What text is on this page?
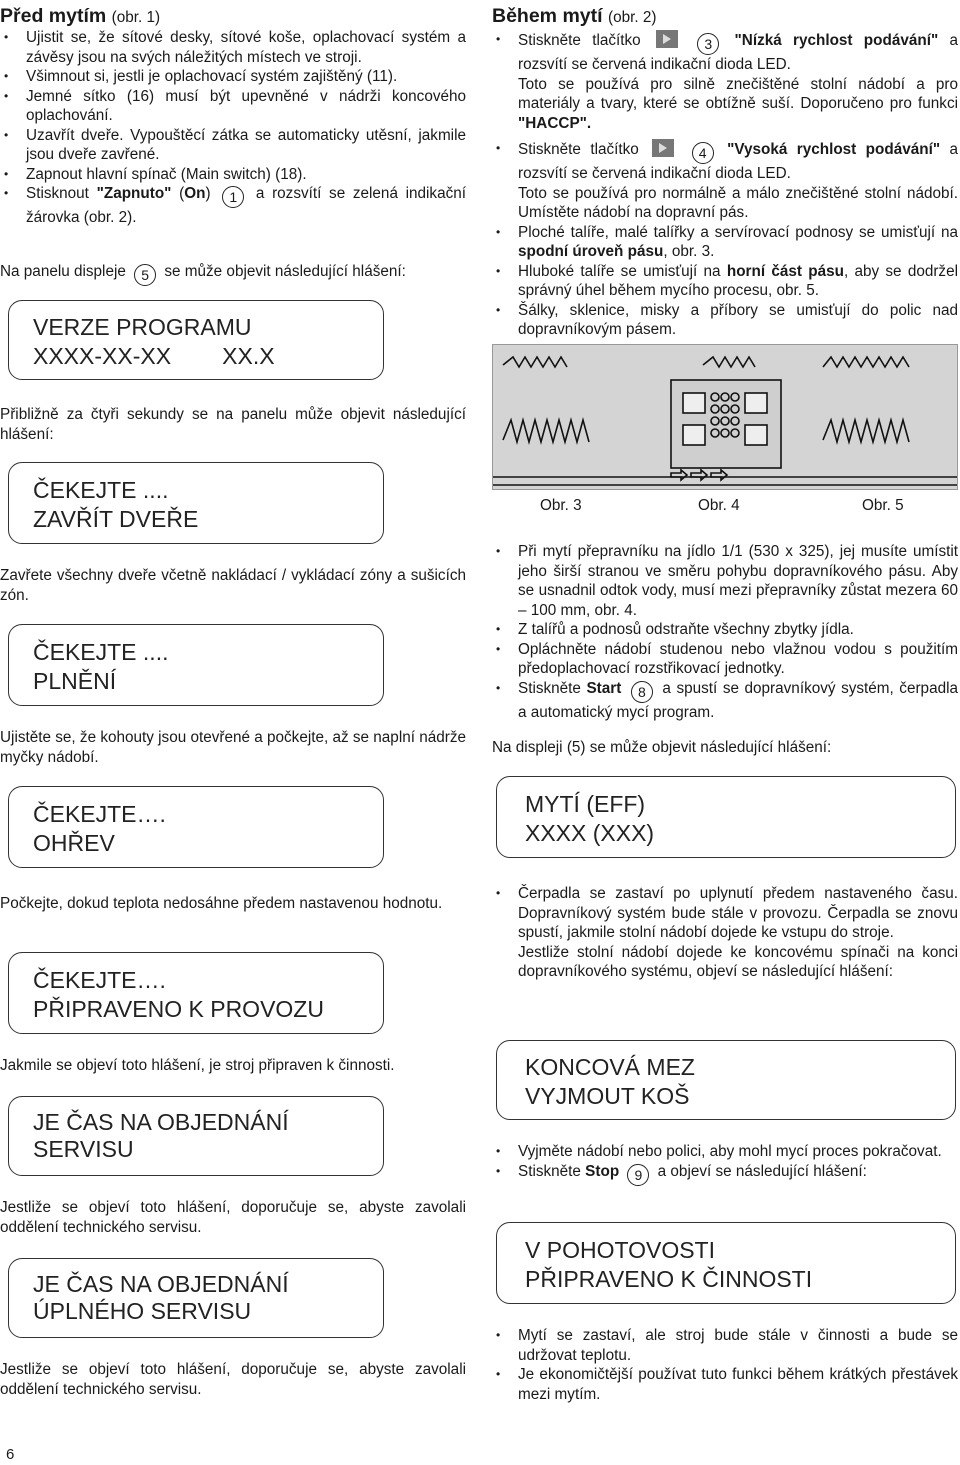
Před mytím (obr. 1)
• Ujistit se, že sítové desky, sítové koše, oplachovací systém a závěsy jsou na svých náležitých místech ve stroji.
• Všimnout si, jestli je oplachovací systém zajištěný (11).
• Jemné sítko (16) musí být upevněné v nádrži koncového oplachování.
• Uzavřít dveře. Vypouštěcí zátka se automaticky utěsní, jakmile jsou dveře zavřené.
• Zapnout hlavní spínač (Main switch) (18).
• Stisknout "Zapnuto" (On) 1 a rozsvítí se zelená indikační žárovka (obr. 2).

Na panelu displeje 5 se může objevit následující hlášení:

VERZE PROGRAMU
XXXX-XX-XX        XX.X

Přibližně za čtyři sekundy se na panelu může objevit následující hlášení:

ČEKEJTE ....
ZAVŘÍT DVEŘE

Zavřete všechny dveře včetně nakládací / vykládací zóny a sušicích zón.

ČEKEJTE ....
PLNĚNÍ

Ujistěte se, že kohouty jsou otevřené a počkejte, až se naplní nádrže myčky nádobí.

ČEKEJTE….
OHŘEV

Počkejte, dokud teplota nedosáhne předem nastavenou hodnotu.

ČEKEJTE….
PŘIPRAVENO K PROVOZU

Jakmile se objeví toto hlášení, je stroj připraven k činnosti.

JE ČAS NA OBJEDNÁNÍ
SERVISU

Jestliže se objeví toto hlášení, doporučuje se, abyste zavolali oddělení technického servisu.

JE ČAS NA OBJEDNÁNÍ
ÚPLNÉHO SERVISU

Jestliže se objeví toto hlášení, doporučuje se, abyste zavolali oddělení technického servisu.

Během mytí (obr. 2)
• Stiskněte tlačítko	3 "Nízká rychlost podávání" a rozsvítí se červená indikační dioda LED.
Toto se používá pro silně znečištěné stolní nádobí a pro materiály a tvary, které se obtížně suší. Doporučeno pro funkci "HACCP".
• Stiskněte tlačítko	4 "Vysoká rychlost podávání" a rozsvítí se červená indikační dioda LED.
Toto se používá pro normálně a málo znečištěné stolní nádobí. Umístěte nádobí na dopravní pás.
• Ploché talíře, malé talířky a servírovací podnosy se umisťují na spodní úroveň pásu, obr. 3.
• Hluboké talíře se umisťují na horní část pásu, aby se dodržel správný úhel během mycího procesu, obr. 5.
• Šálky, sklenice, misky a příbory se umisťují do polic nad dopravníkovým pásem.
Obr. 3	Obr. 4	Obr. 5
• Při mytí přepravníku na jídlo 1/1 (530 x 325), jej musíte umístit jeho širší stranou ve směru pohybu dopravníkového pásu. Aby se usnadnil odtok vody, musí mezi přepravníky zůstat mezera 60 – 100 mm, obr. 4.
• Z talířů a podnosů odstraňte všechny zbytky jídla.
• Opláchněte nádobí studenou nebo vlažnou vodou s použitím předoplachovací rozstřikovací jednotky.
• Stiskněte Start 8 a spustí se dopravníkový systém, čerpadla a automatický mycí program.

Na displeji (5) se může objevit následující hlášení:

MYTÍ (EFF)
XXXX (XXX)
• Čerpadla se zastaví po uplynutí předem nastaveného času. Dopravníkový systém bude stále v provozu. Čerpadla se znovu spustí, jakmile stolní nádobí dojede ke vstupu do stroje.
Jestliže stolní nádobí dojede ke koncovému spínači na konci dopravníkového systému, objeví se následující hlášení:
KONCOVÁ MEZ
VYJMOUT KOŠ
• Vyjměte nádobí nebo polici, aby mohl mycí proces pokračovat.
• Stiskněte Stop 9 a objeví se následující hlášení:
V POHOTOVOSTI
PŘIPRAVENO K ČINNOSTI
• Mytí se zastaví, ale stroj bude stále v činnosti a bude se udržovat teplotu.
• Je ekonomičtější používat tuto funkci během krátkých přestávek mezi mytím.
6
